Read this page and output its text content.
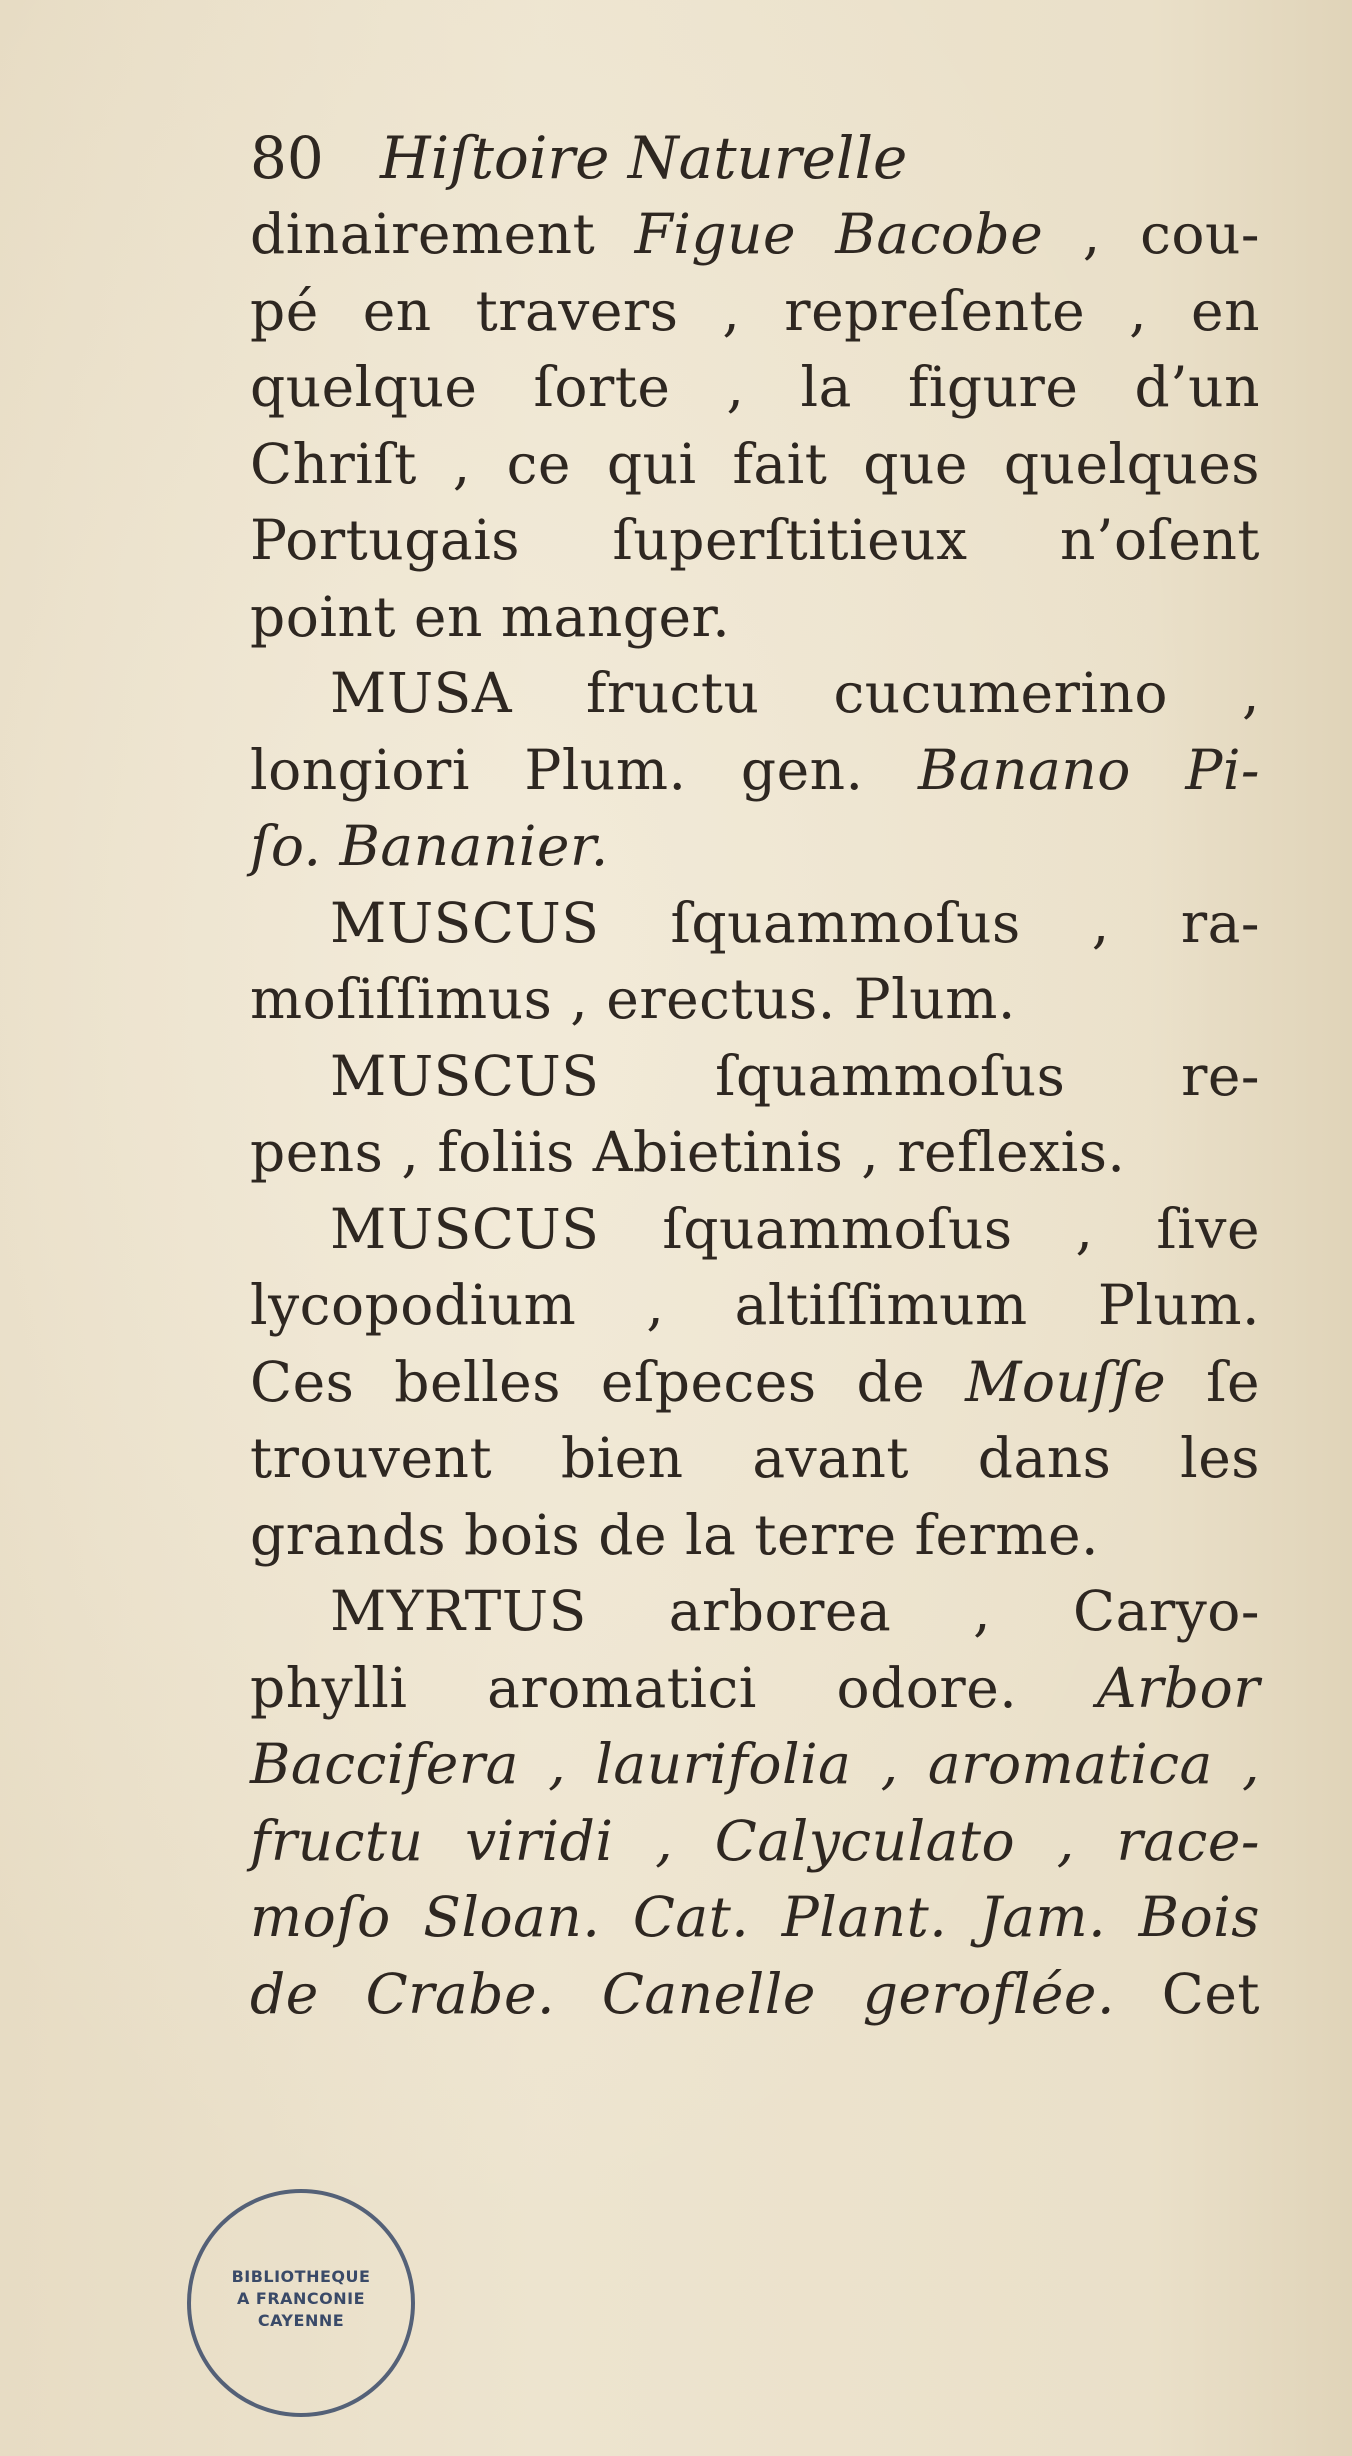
80 Hiſtoire Naturelle
dinairement Figue Bacobe , cou-
pé en travers , repreſente , en
quelque ſorte , la figure d’un
Chriſt , ce qui fait que quelques
Portugais ſuperſtitieux n’oſent
point en manger.
MUSA fructu cucumerino ,
longiori Plum. gen. Banano Pi-
ſo. Bananier.
MUSCUS ſquammoſus , ra-
moſiſſimus , erectus. Plum.
MUSCUS ſquammoſus re-
pens , foliis Abietinis , reflexis.
MUSCUS ſquammoſus , ſive
lycopodium , altiſſimum Plum.
Ces belles eſpeces de Mouſſe ſe
trouvent bien avant dans les
grands bois de la terre ferme.
MYRTUS arborea , Caryo-
phylli aromatici odore. Arbor
Baccifera , laurifolia , aromatica ,
fructu viridi , Calyculato , race-
moſo Sloan. Cat. Plant. Jam. Bois
de Crabe. Canelle geroflée. Cet
BIBLIOTHEQUE
A FRANCONIE
CAYENNE
